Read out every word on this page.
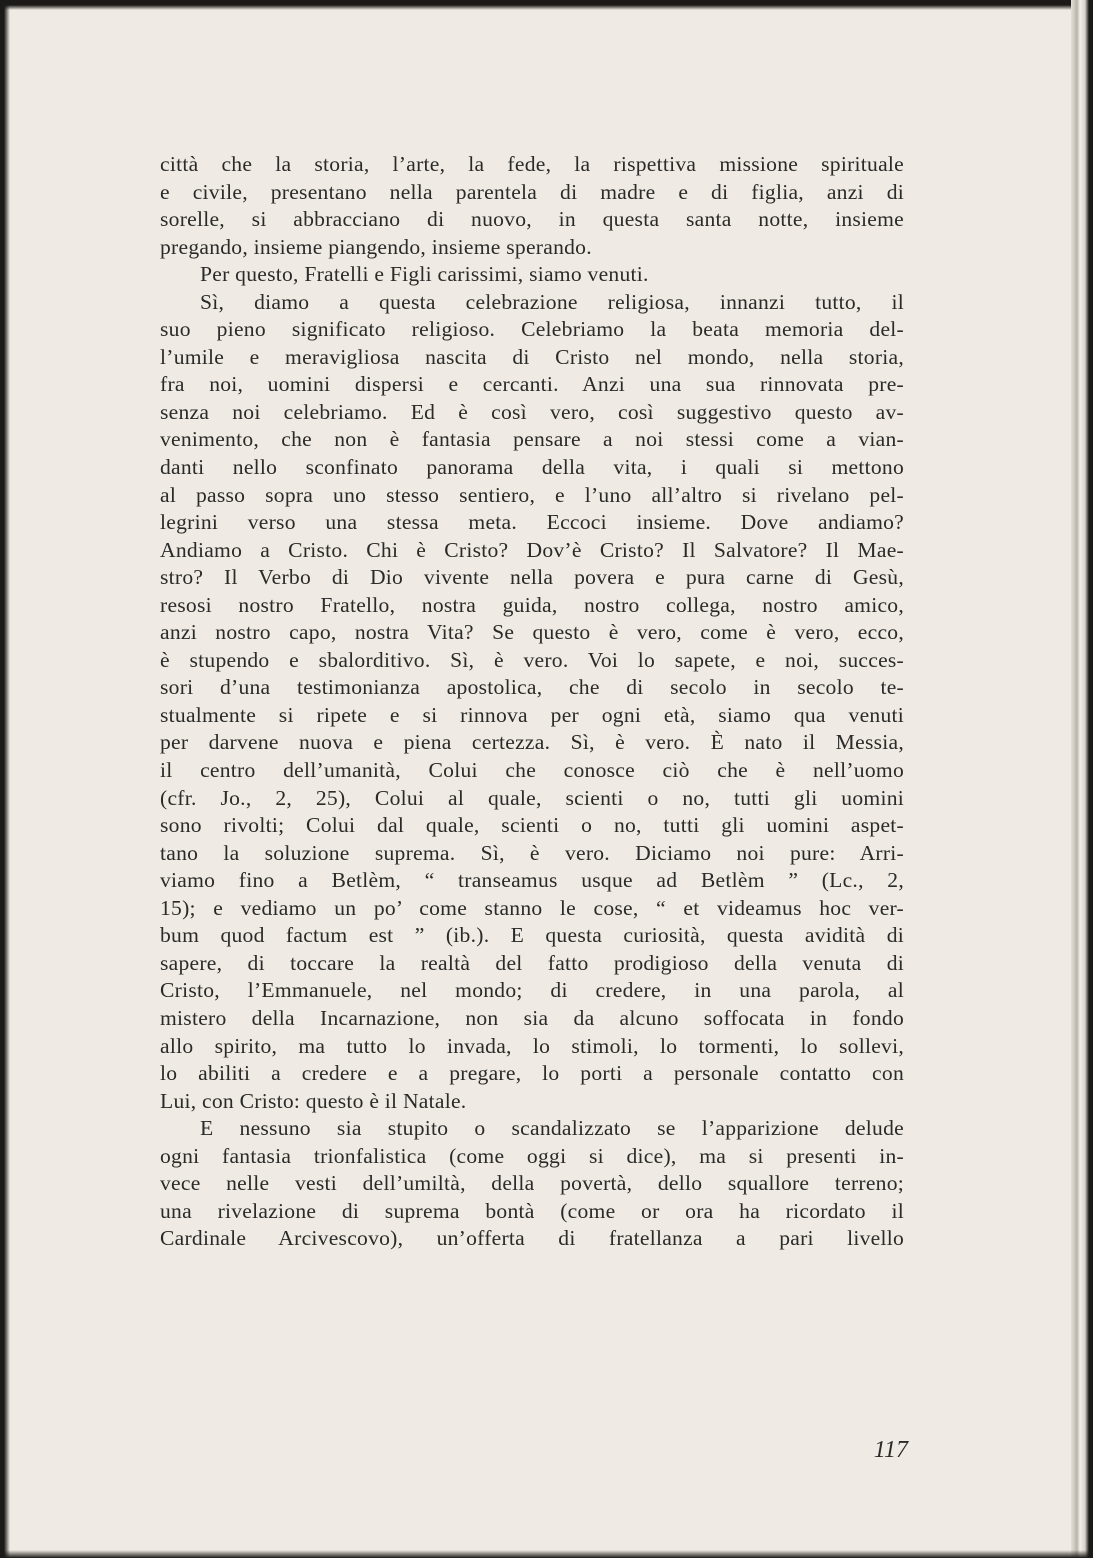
città che la storia, l’arte, la fede, la rispettiva missione spirituale
e civile, presentano nella parentela di madre e di figlia, anzi di
sorelle, si abbracciano di nuovo, in questa santa notte, insieme
pregando, insieme piangendo, insieme sperando.
Per questo, Fratelli e Figli carissimi, siamo venuti.
Sì, diamo a questa celebrazione religiosa, innanzi tutto, il
suo pieno significato religioso. Celebriamo la beata memoria del-
l’umile e meravigliosa nascita di Cristo nel mondo, nella storia,
fra noi, uomini dispersi e cercanti. Anzi una sua rinnovata pre-
senza noi celebriamo. Ed è così vero, così suggestivo questo av-
venimento, che non è fantasia pensare a noi stessi come a vian-
danti nello sconfinato panorama della vita, i quali si mettono
al passo sopra uno stesso sentiero, e l’uno all’altro si rivelano pel-
legrini verso una stessa meta. Eccoci insieme. Dove andiamo?
Andiamo a Cristo. Chi è Cristo? Dov’è Cristo? Il Salvatore? Il Mae-
stro? Il Verbo di Dio vivente nella povera e pura carne di Gesù,
resosi nostro Fratello, nostra guida, nostro collega, nostro amico,
anzi nostro capo, nostra Vita? Se questo è vero, come è vero, ecco,
è stupendo e sbalorditivo. Sì, è vero. Voi lo sapete, e noi, succes-
sori d’una testimonianza apostolica, che di secolo in secolo te-
stualmente si ripete e si rinnova per ogni età, siamo qua venuti
per darvene nuova e piena certezza. Sì, è vero. È nato il Messia,
il centro dell’umanità, Colui che conosce ciò che è nell’uomo
(cfr. Jo., 2, 25), Colui al quale, scienti o no, tutti gli uomini
sono rivolti; Colui dal quale, scienti o no, tutti gli uomini aspet-
tano la soluzione suprema. Sì, è vero. Diciamo noi pure: Arri-
viamo fino a Betlèm, “ transeamus usque ad Betlèm ” (Lc., 2,
15); e vediamo un po’ come stanno le cose, “ et videamus hoc ver-
bum quod factum est ” (ib.). E questa curiosità, questa avidità di
sapere, di toccare la realtà del fatto prodigioso della venuta di
Cristo, l’Emmanuele, nel mondo; di credere, in una parola, al
mistero della Incarnazione, non sia da alcuno soffocata in fondo
allo spirito, ma tutto lo invada, lo stimoli, lo tormenti, lo sollevi,
lo abiliti a credere e a pregare, lo porti a personale contatto con
Lui, con Cristo: questo è il Natale.
E nessuno sia stupito o scandalizzato se l’apparizione delude
ogni fantasia trionfalistica (come oggi si dice), ma si presenti in-
vece nelle vesti dell’umiltà, della povertà, dello squallore terreno;
una rivelazione di suprema bontà (come or ora ha ricordato il
Cardinale Arcivescovo), un’offerta di fratellanza a pari livello
117
